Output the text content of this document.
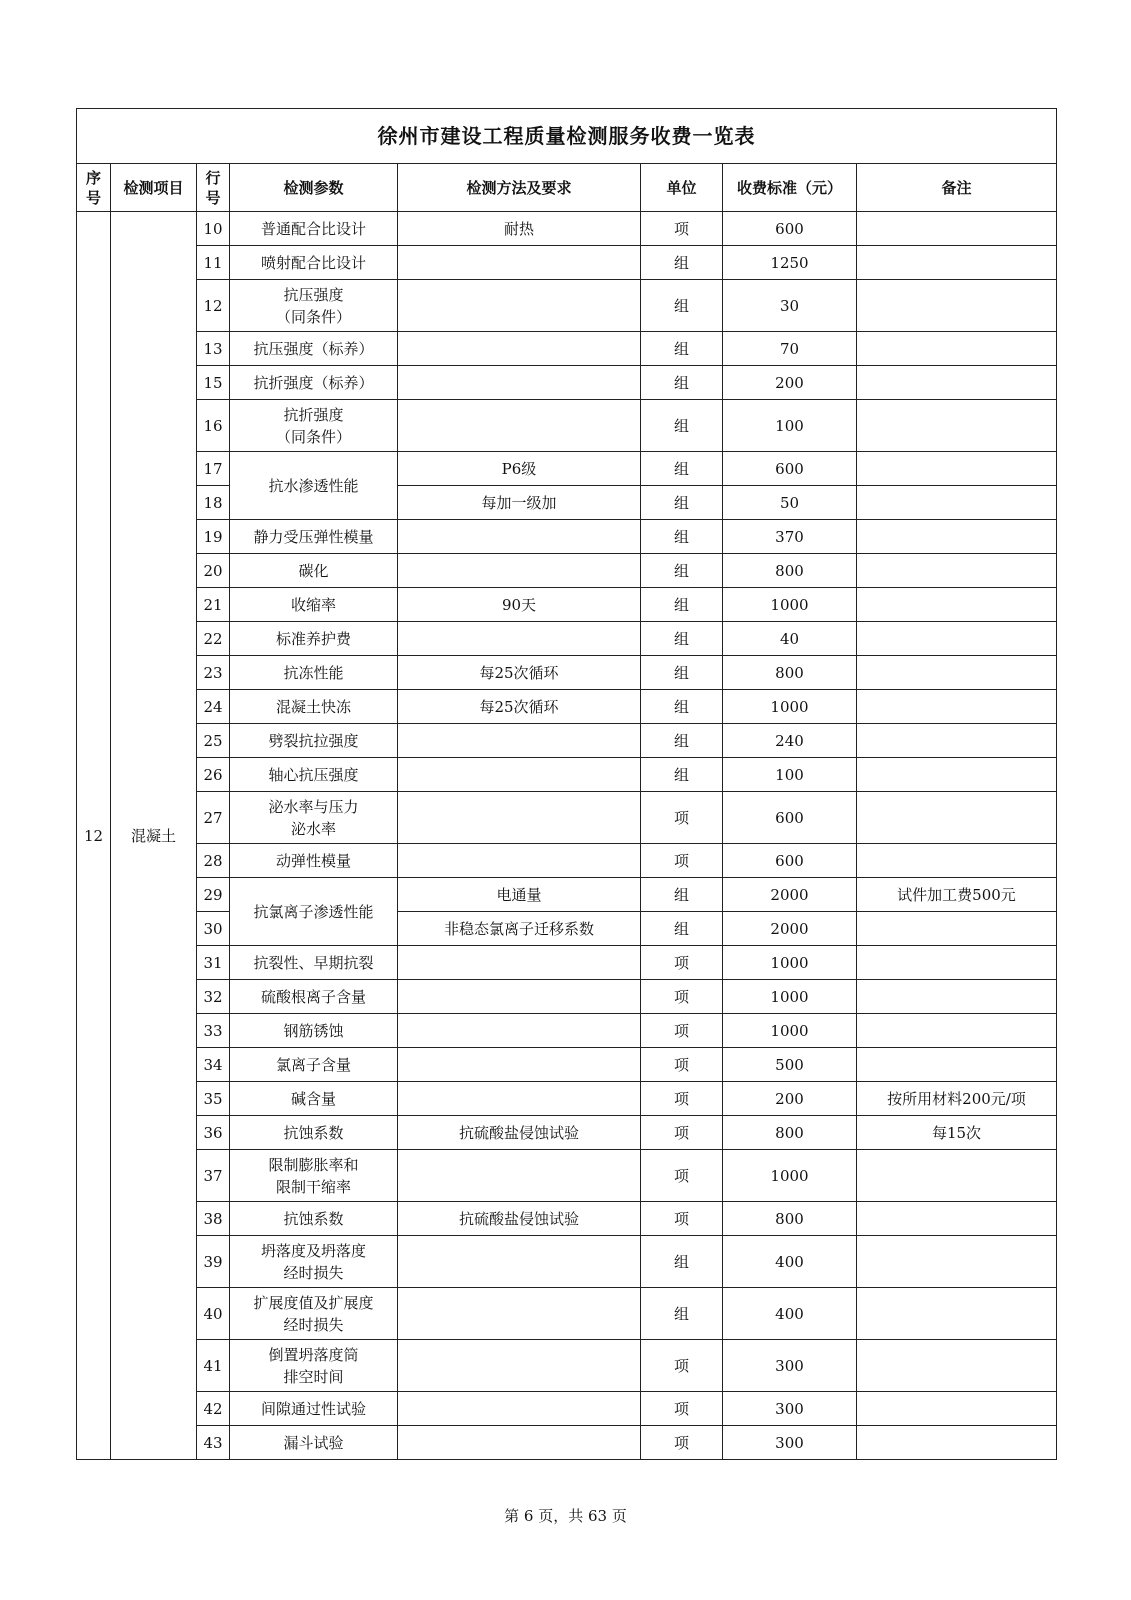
徐州市建设工程质量检测服务收费一览表							
序
号	检测项目	行
号	检测参数	检测方法及要求	单位	收费标准（元）	备注
12	混凝土	10	普通配合比设计	耐热	项	600	
		11	喷射配合比设计		组	1250	
		12	抗压强度
（同条件）		组	30	
		13	抗压强度（标养）		组	70	
		15	抗折强度（标养）		组	200	
		16	抗折强度
（同条件）		组	100	
		17	抗水渗透性能	P6级	组	600	
		18		每加一级加	组	50	
		19	静力受压弹性模量		组	370	
		20	碳化		组	800	
		21	收缩率	90天	组	1000	
		22	标准养护费		组	40	
		23	抗冻性能	每25次循环	组	800	
		24	混凝土快冻	每25次循环	组	1000	
		25	劈裂抗拉强度		组	240	
		26	轴心抗压强度		组	100	
		27	泌水率与压力
泌水率		项	600	
		28	动弹性模量		项	600	
		29	抗氯离子渗透性能	电通量	组	2000	试件加工费500元
		30		非稳态氯离子迁移系数	组	2000	
		31	抗裂性、早期抗裂		项	1000	
		32	硫酸根离子含量		项	1000	
		33	钢筋锈蚀		项	1000	
		34	氯离子含量		项	500	
		35	碱含量		项	200	按所用材料200元/项
		36	抗蚀系数	抗硫酸盐侵蚀试验	项	800	每15次
		37	限制膨胀率和
限制干缩率		项	1000	
		38	抗蚀系数	抗硫酸盐侵蚀试验	项	800	
		39	坍落度及坍落度
经时损失		组	400	
		40	扩展度值及扩展度
经时损失		组	400	
		41	倒置坍落度筒
排空时间		项	300	
		42	间隙通过性试验		项	300	
		43	漏斗试验		项	300	
第 6 页，共 63 页
